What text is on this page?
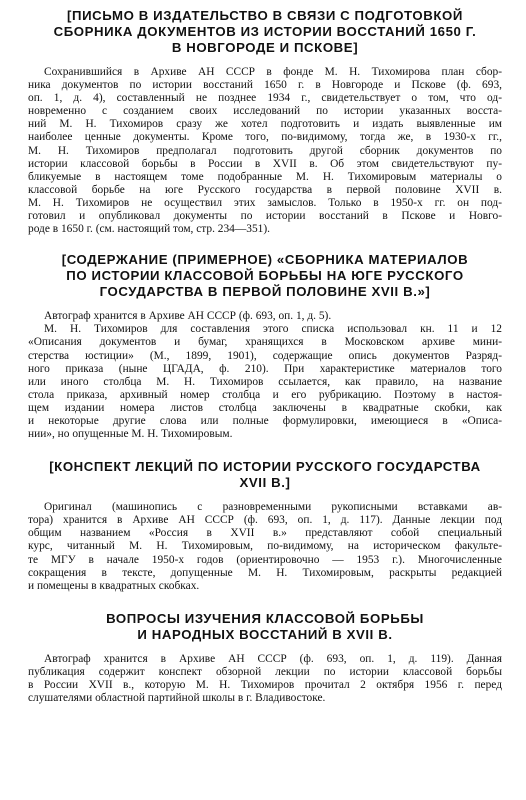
[ПИСЬМО В ИЗДАТЕЛЬСТВО В СВЯЗИ С ПОДГОТОВКОЙ
СБОРНИКА ДОКУМЕНТОВ ИЗ ИСТОРИИ ВОССТАНИЙ 1650 Г.
В НОВГОРОДЕ И ПСКОВЕ]

Сохранившийся в Архиве АН СССР в фонде М. Н. Тихомирова план сбор-
ника документов по истории восстаний 1650 г. в Новгороде и Пскове (ф. 693,
оп. 1, д. 4), составленный не позднее 1934 г., свидетельствует о том, что од-
новременно с созданием своих исследований по истории указанных восста-
ний М. Н. Тихомиров сразу же хотел подготовить и издать выявленные им
наиболее ценные документы. Кроме того, по-видимому, тогда же, в 1930-х гг.,
М. Н. Тихомиров предполагал подготовить другой сборник документов по
истории классовой борьбы в России в XVII в. Об этом свидетельствуют пу-
бликуемые в настоящем томе подобранные М. Н. Тихомировым материалы о
классовой борьбе на юге Русского государства в первой половине XVII в.
М. Н. Тихомиров не осуществил этих замыслов. Только в 1950-х гг. он под-
готовил и опубликовал документы по истории восстаний в Пскове и Новго-
роде в 1650 г. (см. настоящий том, стр. 234—351).

[СОДЕРЖАНИЕ (ПРИМЕРНОЕ) «СБОРНИКА МАТЕРИАЛОВ
ПО ИСТОРИИ КЛАССОВОЙ БОРЬБЫ НА ЮГЕ РУССКОГО
ГОСУДАРСТВА В ПЕРВОЙ ПОЛОВИНЕ XVII В.»]

Автограф хранится в Архиве АН СССР (ф. 693, оп. 1, д. 5).

М. Н. Тихомиров для составления этого списка использовал кн. 11 и 12
«Описания документов и бумаг, хранящихся в Московском архиве мини-
стерства юстиции» (М., 1899, 1901), содержащие опись документов Разряд-
ного приказа (ныне ЦГАДА, ф. 210). При характеристике материалов того
или иного столбца М. Н. Тихомиров ссылается, как правило, на название
стола приказа, архивный номер столбца и его рубрикацию. Поэтому в настоя-
щем издании номера листов столбца заключены в квадратные скобки, как
и некоторые другие слова или полные формулировки, имеющиеся в «Описа-
нии», но опущенные М. Н. Тихомировым.

[КОНСПЕКТ ЛЕКЦИЙ ПО ИСТОРИИ РУССКОГО ГОСУДАРСТВА
XVII В.]

Оригинал (машинопись с разновременными рукописными вставками ав-
тора) хранится в Архиве АН СССР (ф. 693, оп. 1, д. 117). Данные лекции под
общим названием «Россия в XVII в.» представляют собой специальный
курс, читанный М. Н. Тихомировым, по-видимому, на историческом факульте-
те МГУ в начале 1950-х годов (ориентировочно — 1953 г.). Многочисленные
сокращения в тексте, допущенные М. Н. Тихомировым, раскрыты редакцией
и помещены в квадратных скобках.

ВОПРОСЫ ИЗУЧЕНИЯ КЛАССОВОЙ БОРЬБЫ
И НАРОДНЫХ ВОССТАНИЙ В XVII В.

Автограф хранится в Архиве АН СССР (ф. 693, оп. 1, д. 119). Данная
публикация содержит конспект обзорной лекции по истории классовой борьбы
в России XVII в., которую М. Н. Тихомиров прочитал 2 октября 1956 г. перед
слушателями областной партийной школы в г. Владивостоке.
